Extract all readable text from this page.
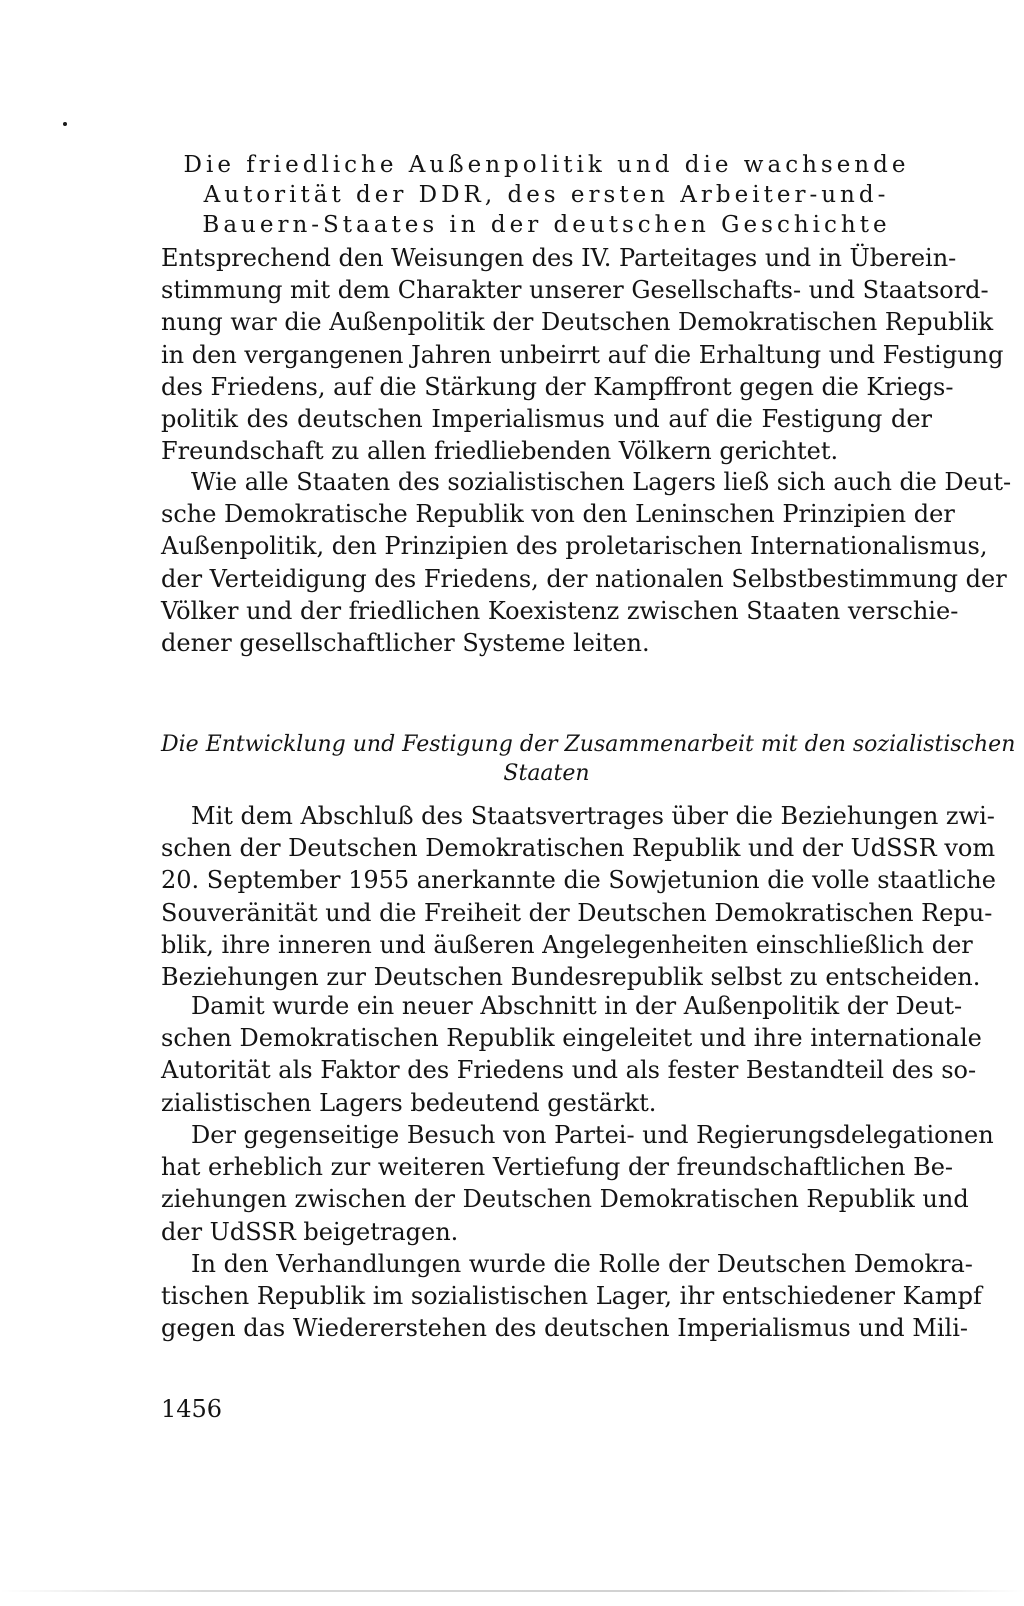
Die friedliche Außenpolitik und die wachsende
Autorität der DDR, des ersten Arbeiter-und-
Bauern-Staates in der deutschen Geschichte
Entsprechend den Weisungen des IV. Parteitages und in Überein-
stimmung mit dem Charakter unserer Gesellschafts- und Staatsord-
nung war die Außenpolitik der Deutschen Demokratischen Republik
in den vergangenen Jahren unbeirrt auf die Erhaltung und Festigung
des Friedens, auf die Stärkung der Kampffront gegen die Kriegs-
politik des deutschen Imperialismus und auf die Festigung der
Freundschaft zu allen friedliebenden Völkern gerichtet.
Wie alle Staaten des sozialistischen Lagers ließ sich auch die Deut-
sche Demokratische Republik von den Leninschen Prinzipien der
Außenpolitik, den Prinzipien des proletarischen Internationalismus,
der Verteidigung des Friedens, der nationalen Selbstbestimmung der
Völker und der friedlichen Koexistenz zwischen Staaten verschie-
dener gesellschaftlicher Systeme leiten.
Die Entwicklung und Festigung der Zusammenarbeit mit den sozialistischen
Staaten
Mit dem Abschluß des Staatsvertrages über die Beziehungen zwi-
schen der Deutschen Demokratischen Republik und der UdSSR vom
20. September 1955 anerkannte die Sowjetunion die volle staatliche
Souveränität und die Freiheit der Deutschen Demokratischen Repu-
blik, ihre inneren und äußeren Angelegenheiten einschließlich der
Beziehungen zur Deutschen Bundesrepublik selbst zu entscheiden.
Damit wurde ein neuer Abschnitt in der Außenpolitik der Deut-
schen Demokratischen Republik eingeleitet und ihre internationale
Autorität als Faktor des Friedens und als fester Bestandteil des so-
zialistischen Lagers bedeutend gestärkt.
Der gegenseitige Besuch von Partei- und Regierungsdelegationen
hat erheblich zur weiteren Vertiefung der freundschaftlichen Be-
ziehungen zwischen der Deutschen Demokratischen Republik und
der UdSSR beigetragen.
In den Verhandlungen wurde die Rolle der Deutschen Demokra-
tischen Republik im sozialistischen Lager, ihr entschiedener Kampf
gegen das Wiedererstehen des deutschen Imperialismus und Mili-
1456
